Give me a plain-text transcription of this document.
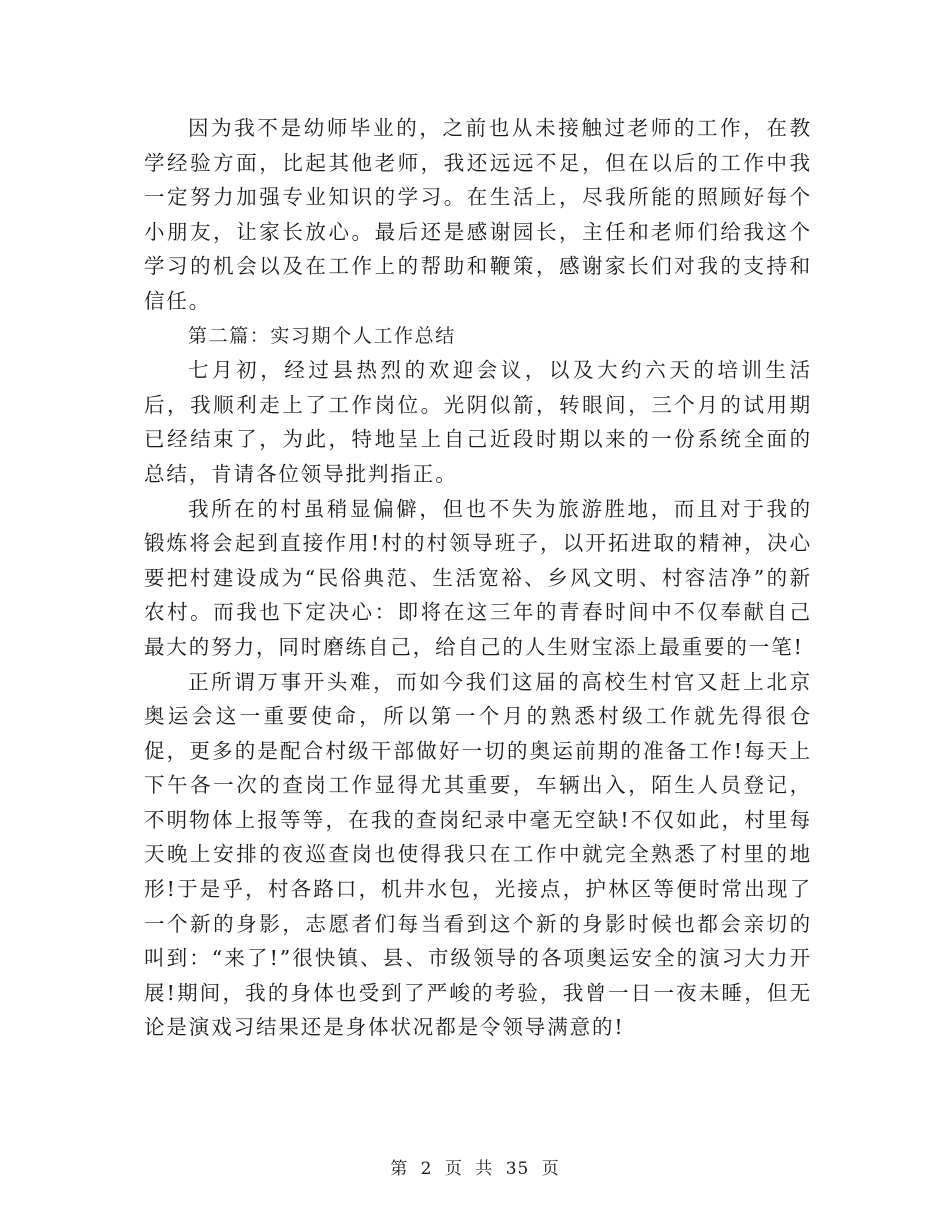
因为我不是幼师毕业的，之前也从未接触过老师的工作，在教学经验方面，比起其他老师，我还远远不足，但在以后的工作中我一定努力加强专业知识的学习。在生活上，尽我所能的照顾好每个小朋友，让家长放心。最后还是感谢园长，主任和老师们给我这个学习的机会以及在工作上的帮助和鞭策，感谢家长们对我的支持和信任。

第二篇：实习期个人工作总结

七月初，经过县热烈的欢迎会议，以及大约六天的培训生活后，我顺利走上了工作岗位。光阴似箭，转眼间，三个月的试用期已经结束了，为此，特地呈上自己近段时期以来的一份系统全面的总结，肯请各位领导批判指正。

我所在的村虽稍显偏僻，但也不失为旅游胜地，而且对于我的锻炼将会起到直接作用!村的村领导班子，以开拓进取的精神，决心要把村建设成为“民俗典范、生活宽裕、乡风文明、村容洁净”的新农村。而我也下定决心：即将在这三年的青春时间中不仅奉献自己最大的努力，同时磨练自己，给自己的人生财宝添上最重要的一笔!

正所谓万事开头难，而如今我们这届的高校生村官又赶上北京奥运会这一重要使命，所以第一个月的熟悉村级工作就先得很仓促，更多的是配合村级干部做好一切的奥运前期的准备工作!每天上下午各一次的查岗工作显得尤其重要，车辆出入，陌生人员登记，不明物体上报等等，在我的查岗纪录中毫无空缺!不仅如此，村里每天晚上安排的夜巡查岗也使得我只在工作中就完全熟悉了村里的地形!于是乎，村各路口，机井水包，光接点，护林区等便时常出现了一个新的身影，志愿者们每当看到这个新的身影时候也都会亲切的叫到：“来了!”很快镇、县、市级领导的各项奥运安全的演习大力开展!期间，我的身体也受到了严峻的考验，我曾一日一夜未睡，但无论是演戏习结果还是身体状况都是令领导满意的!

第 2 页 共 35 页
